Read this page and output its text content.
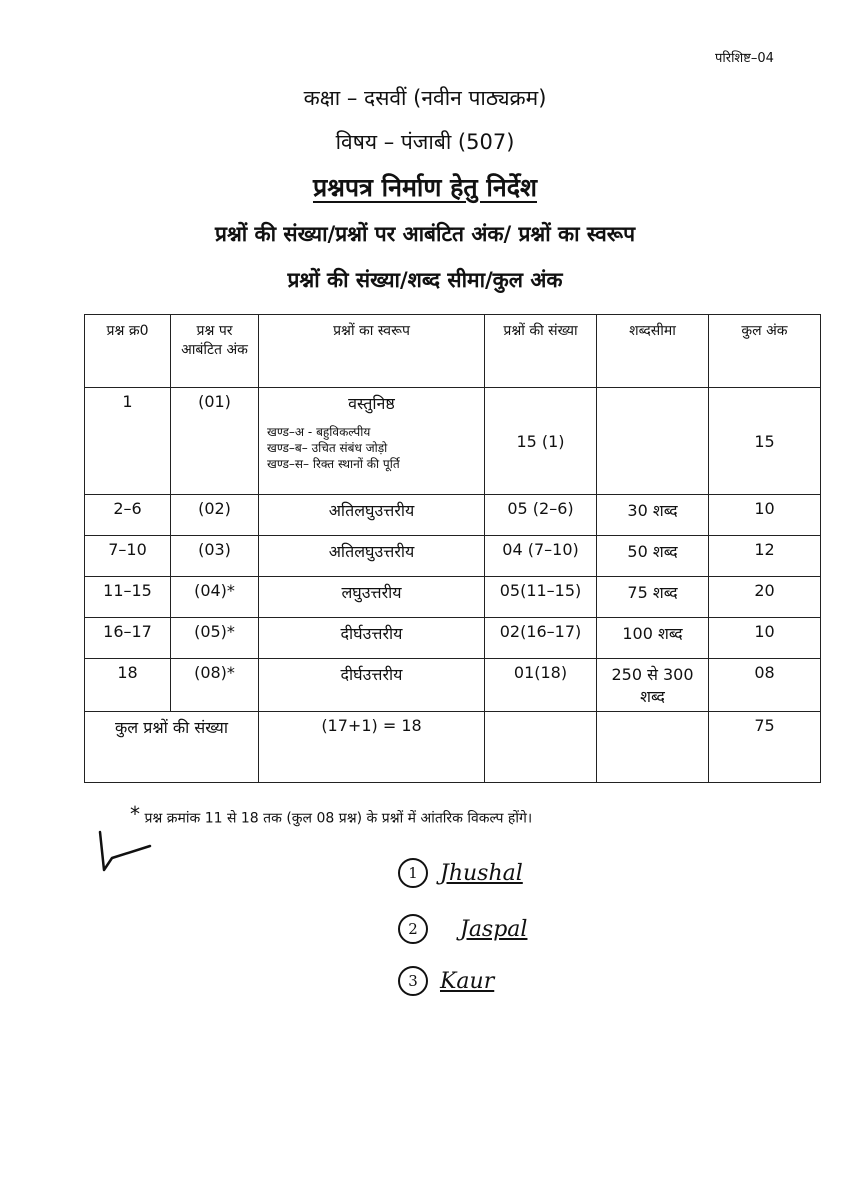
परिशिष्ट–04
कक्षा – दसवीं (नवीन पाठ्यक्रम)
विषय – पंजाबी (507)
प्रश्नपत्र निर्माण हेतु निर्देश
प्रश्नों की संख्या/प्रश्नों पर आबंटित अंक/ प्रश्नों का स्वरूप
प्रश्नों की संख्या/शब्द सीमा/कुल अंक
प्रश्न क्र0	प्रश्न पर आबंटित अंक	प्रश्नों का स्वरूप	प्रश्नों की संख्या	शब्दसीमा	कुल अंक
1	(01)	वस्तुनिष्ठ
खण्ड–अ - बहुविकल्पीय
खण्ड–ब– उचित संबंध जोड़ो
खण्ड–स– रिक्त स्थानों की पूर्ति	15 (1)		15
2–6	(02)	अतिलघुउत्तरीय	05 (2–6)	30 शब्द	10
7–10	(03)	अतिलघुउत्तरीय	04 (7–10)	50 शब्द	12
11–15	(04)*	लघुउत्तरीय	05(11–15)	75 शब्द	20
16–17	(05)*	दीर्घउत्तरीय	02(16–17)	100 शब्द	10
18	(08)*	दीर्घउत्तरीय	01(18)	250 से 300 शब्द	08
कुल प्रश्नों की संख्या		(17+1) = 18			75
* प्रश्न क्रमांक 11 से 18 तक (कुल 08 प्रश्न) के प्रश्नों में आंतरिक विकल्प होंगे।
1	Jhushal
2	Jaspal
3	Kaur
